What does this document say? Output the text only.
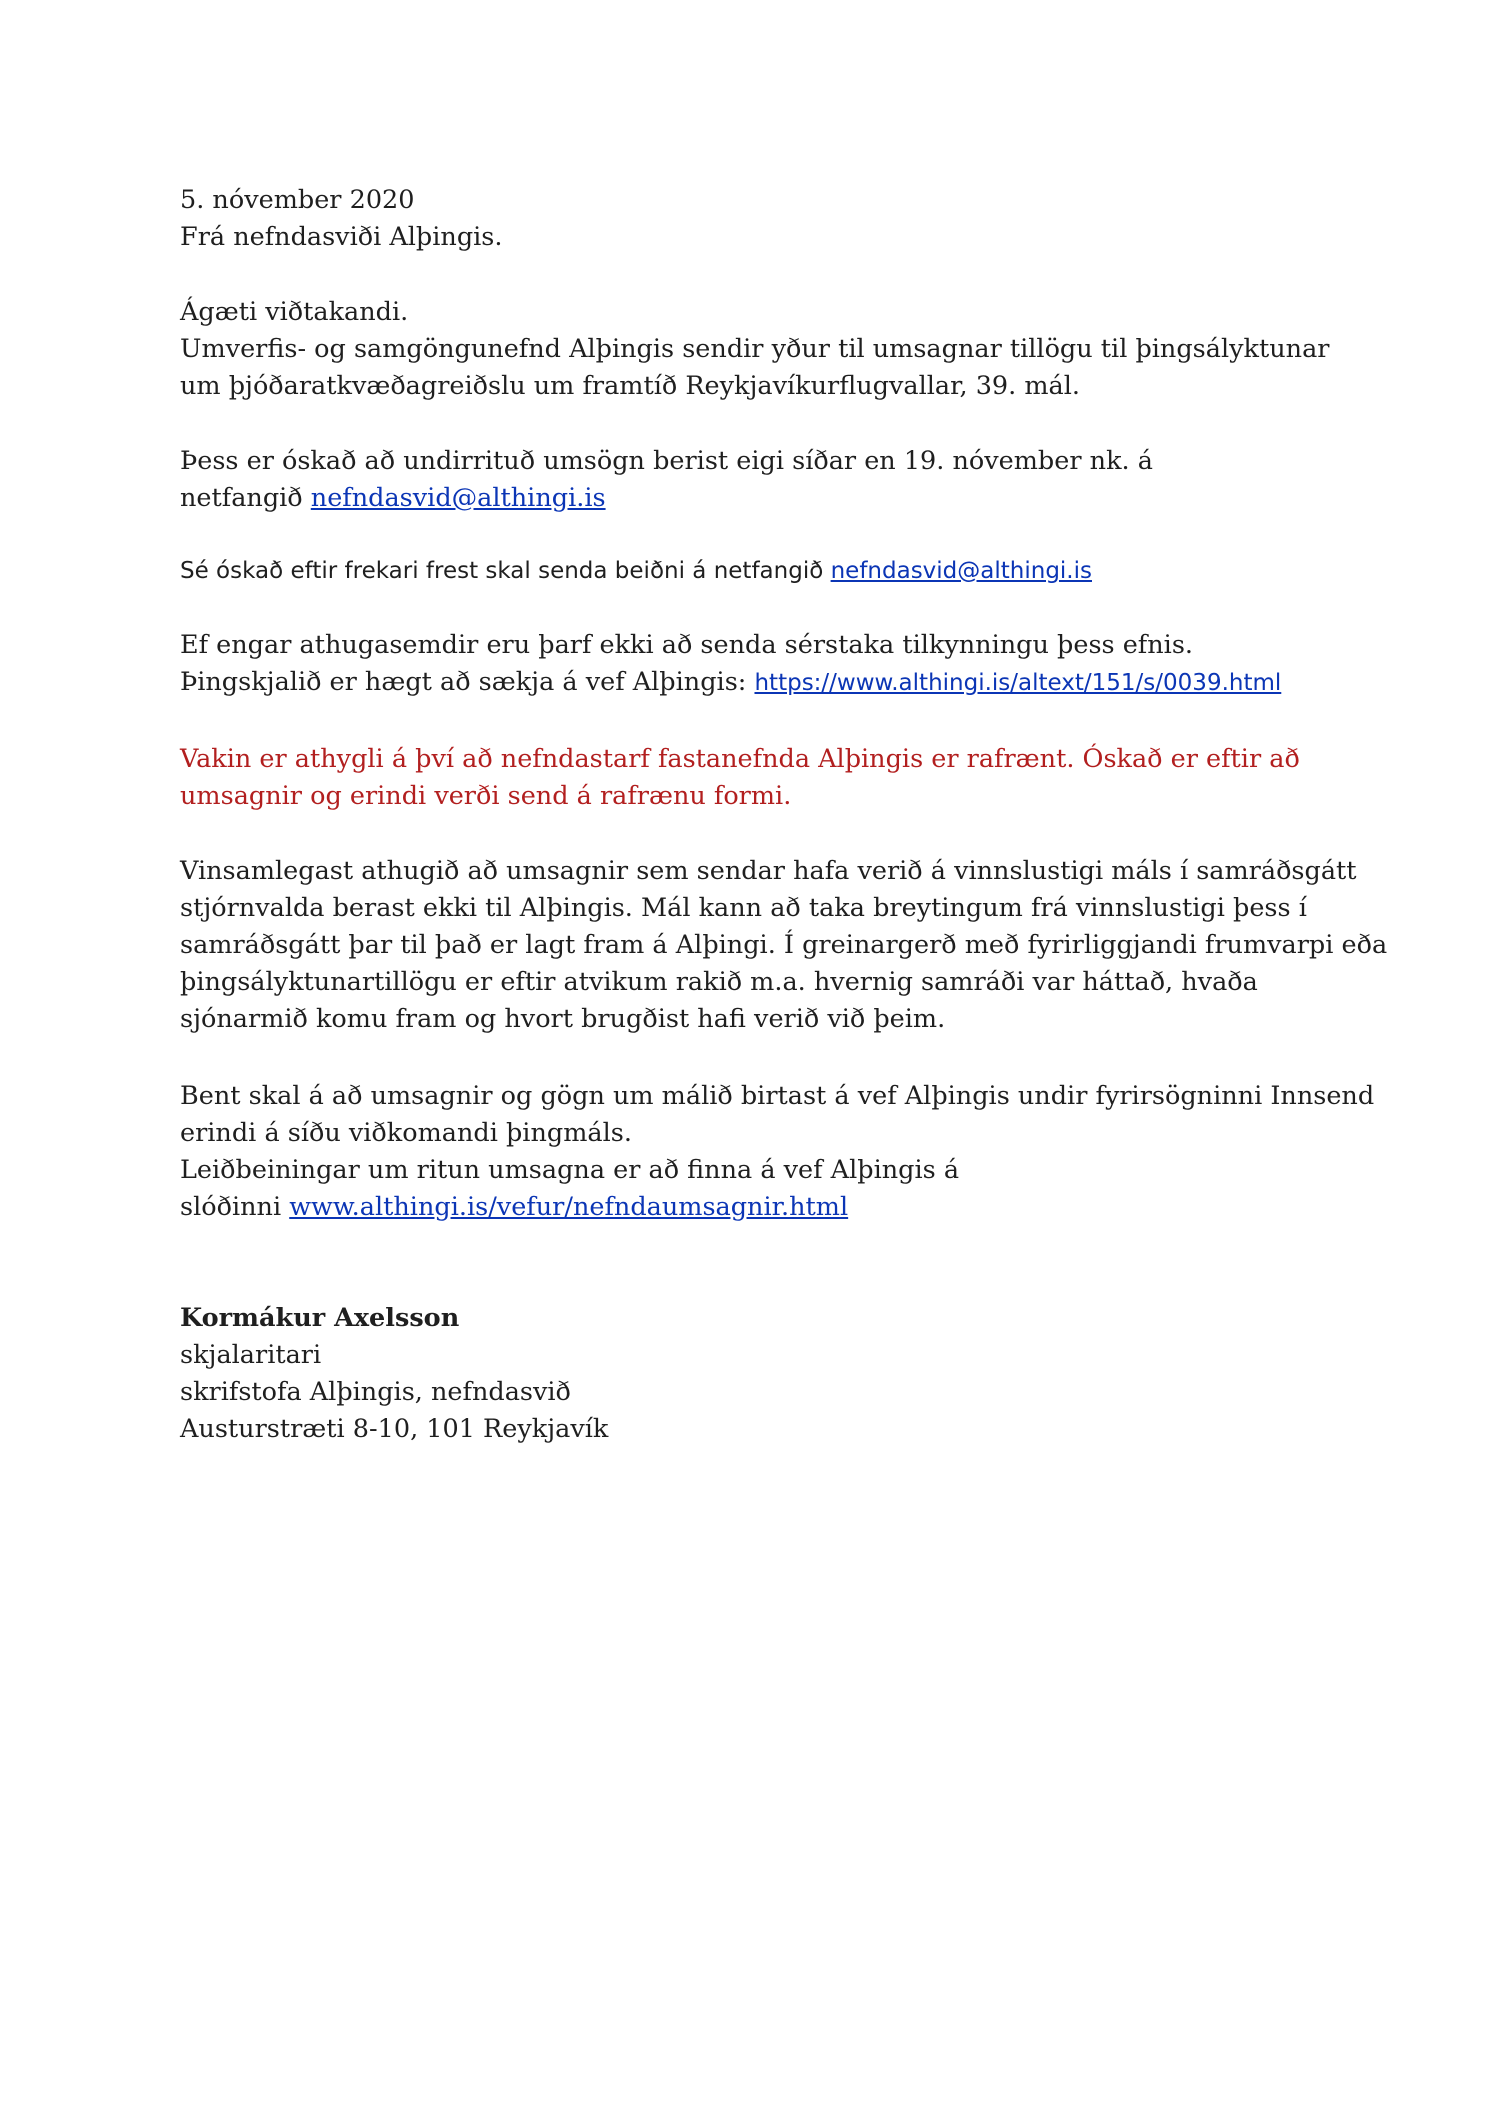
5. nóvember 2020
Frá nefndasviði Alþingis.
Ágæti viðtakandi.
Umverfis- og samgöngunefnd Alþingis sendir yður til umsagnar tillögu til þingsályktunar
um þjóðaratkvæðagreiðslu um framtíð Reykjavíkurflugvallar, 39. mál.
Þess er óskað að undirrituð umsögn berist eigi síðar en 19. nóvember nk. á
netfangið nefndasvid@althingi.is
Sé óskað eftir frekari frest skal senda beiðni á netfangið nefndasvid@althingi.is
Ef engar athugasemdir eru þarf ekki að senda sérstaka tilkynningu þess efnis.
Þingskjalið er hægt að sækja á vef Alþingis: https://www.althingi.is/altext/151/s/0039.html
Vakin er athygli á því að nefndastarf fastanefnda Alþingis er rafrænt. Óskað er eftir að
umsagnir og erindi verði send á rafrænu formi.
Vinsamlegast athugið að umsagnir sem sendar hafa verið á vinnslustigi máls í samráðsgátt
stjórnvalda berast ekki til Alþingis. Mál kann að taka breytingum frá vinnslustigi þess í
samráðsgátt þar til það er lagt fram á Alþingi. Í greinargerð með fyrirliggjandi frumvarpi eða
þingsályktunartillögu er eftir atvikum rakið m.a. hvernig samráði var háttað, hvaða
sjónarmið komu fram og hvort brugðist hafi verið við þeim.
Bent skal á að umsagnir og gögn um málið birtast á vef Alþingis undir fyrirsögninni Innsend
erindi á síðu viðkomandi þingmáls.
Leiðbeiningar um ritun umsagna er að finna á vef Alþingis á
slóðinni www.althingi.is/vefur/nefndaumsagnir.html
Kormákur Axelsson
skjalaritari
skrifstofa Alþingis, nefndasvið
Austurstræti 8-10, 101 Reykjavík
